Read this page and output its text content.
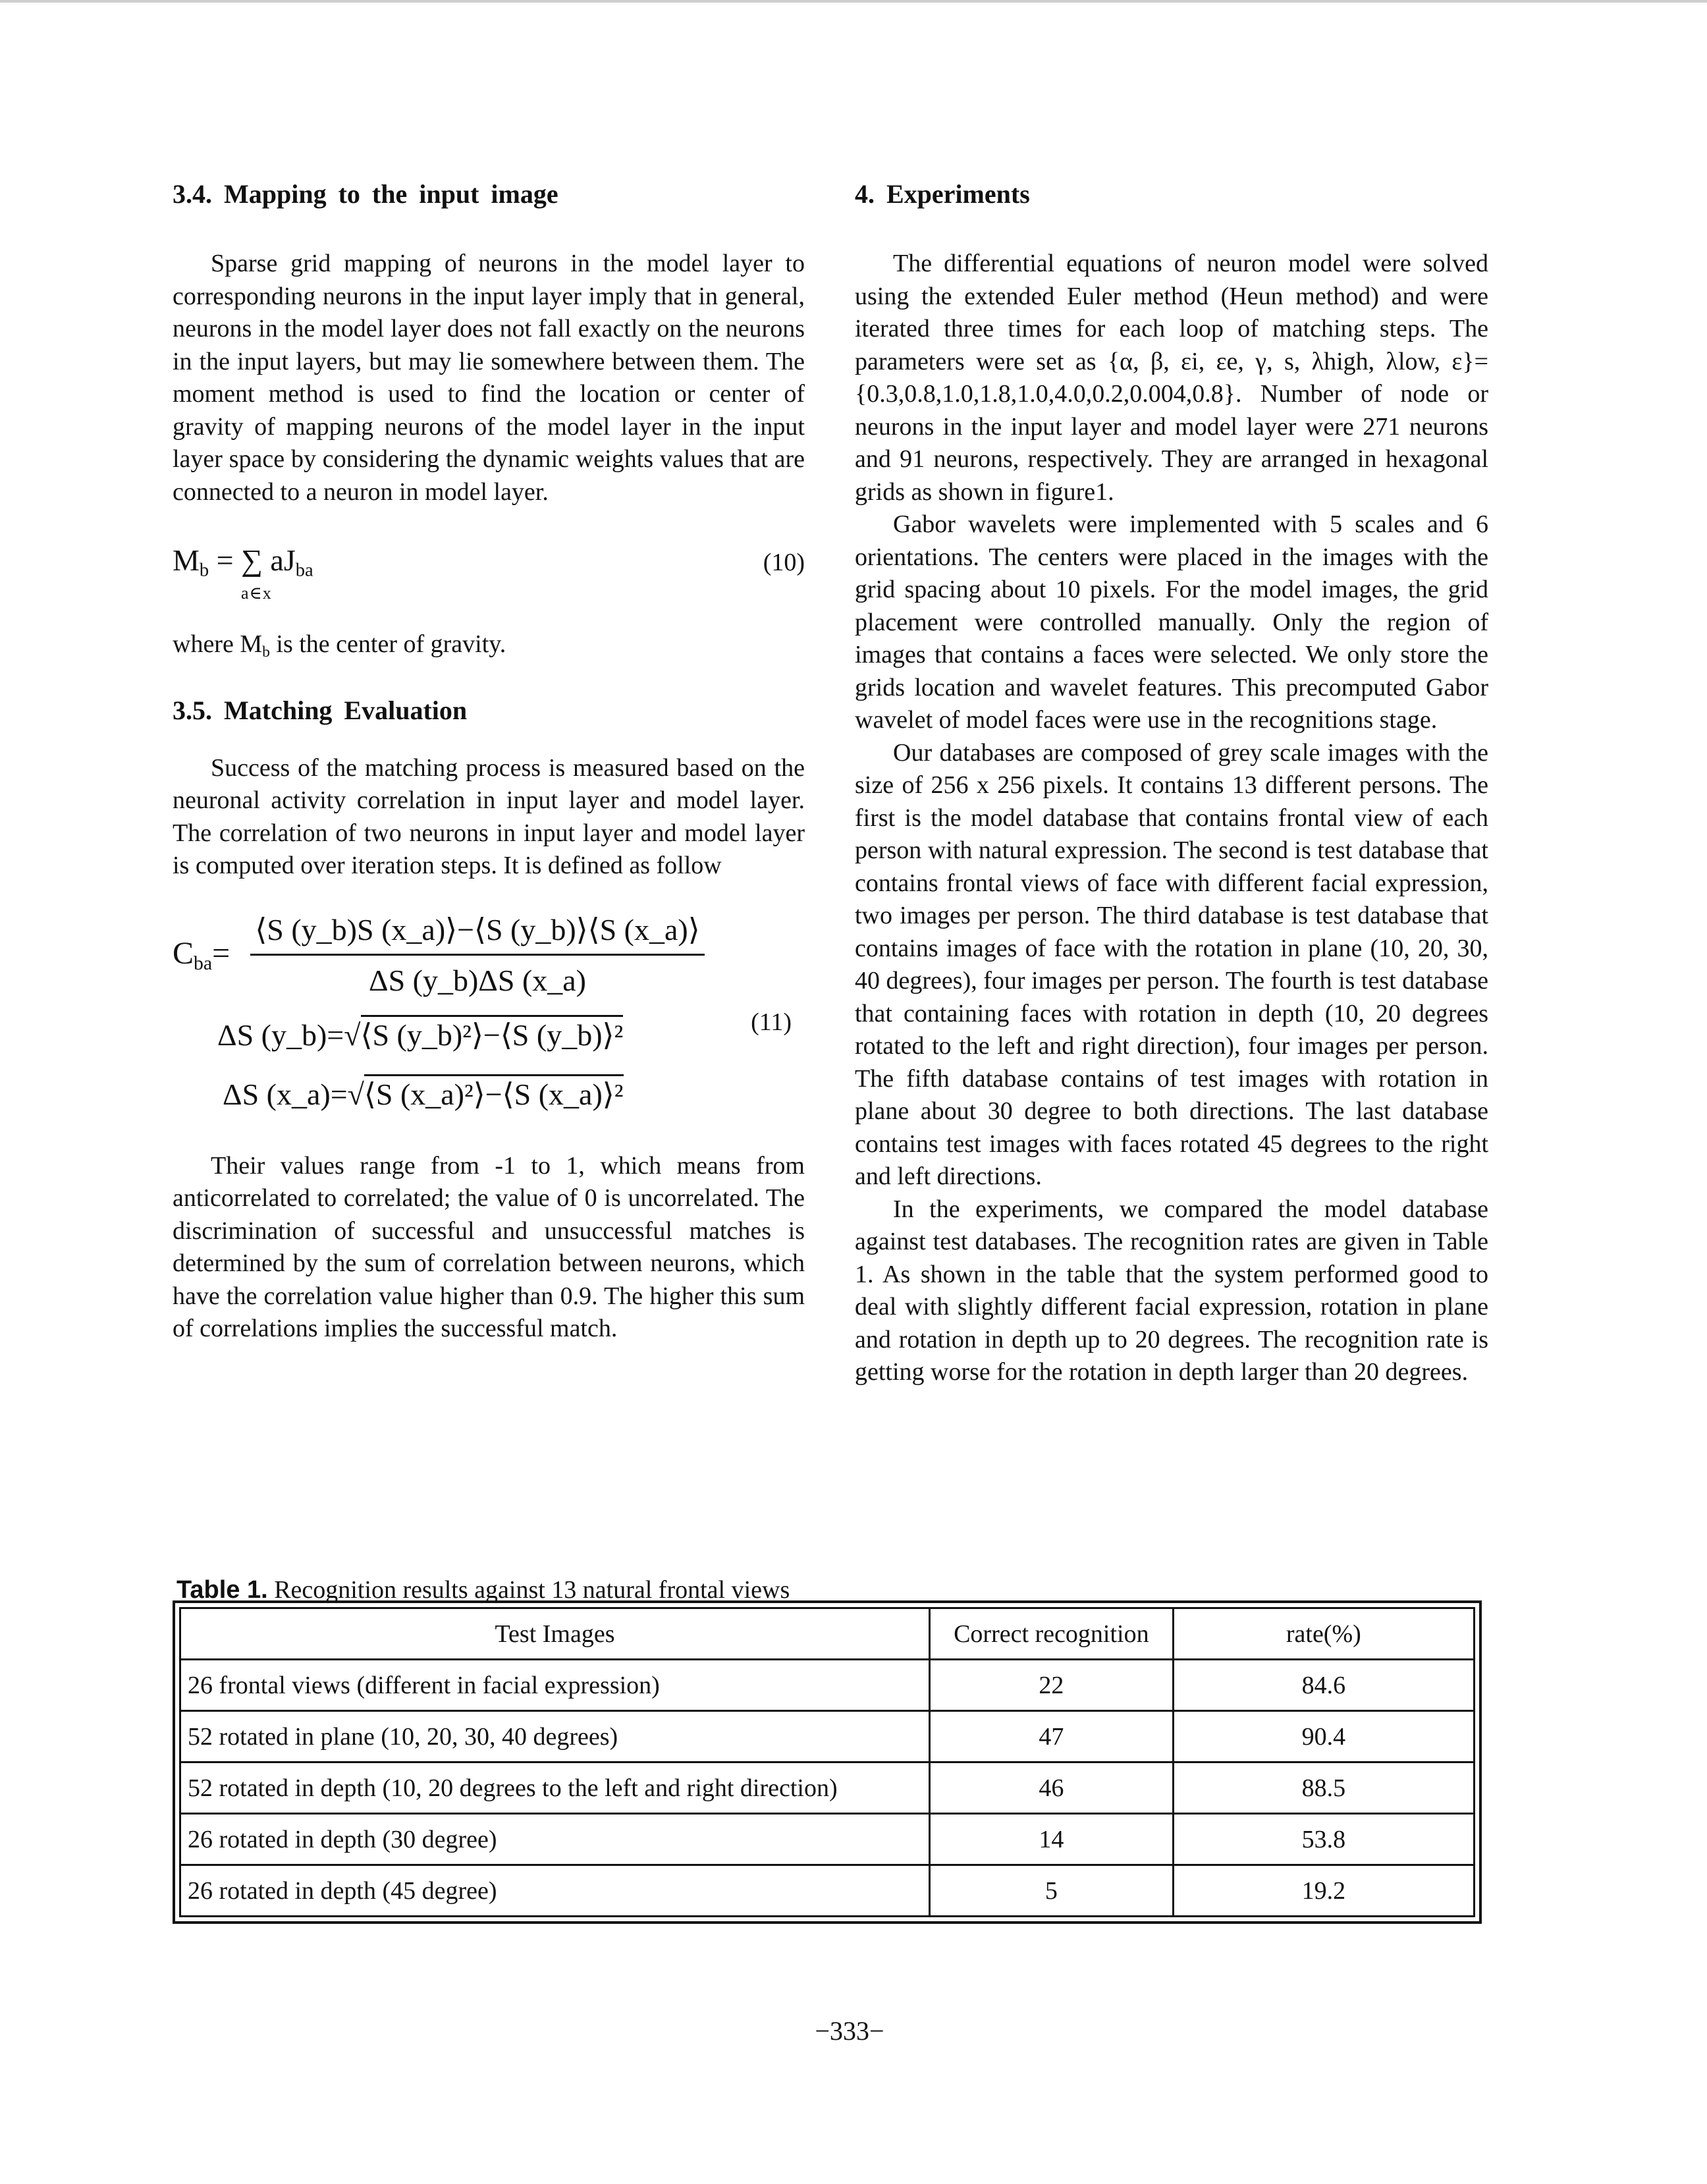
3.4. Mapping to the input image

Sparse grid mapping of neurons in the model layer to corresponding neurons in the input layer imply that in general, neurons in the model layer does not fall exactly on the neurons in the input layers, but may lie somewhere between them. The moment method is used to find the location or center of gravity of mapping neurons of the model layer in the input layer space by considering the dynamic weights values that are connected to a neuron in model layer.

$M_b$ = ∑ $aJ_{ba}$
a∈x
(10)

where $M_b$ is the center of gravity.

3.5. Matching Evaluation

Success of the matching process is measured based on the neuronal activity correlation in input layer and model layer. The correlation of two neurons in input layer and model layer is computed over iteration steps. It is defined as follow

$C_{ba}= \frac{⟨S (y\_b)S (x\_a)⟩-⟨S (y\_b)⟩⟨S (x\_a)⟩}{\Delta S (y\_b)\Delta S (x\_a)}$
ΔS (y_b)=√⟨S (y_b)²⟩−⟨S (y_b)⟩²
ΔS (x_a)=√⟨S (x_a)²⟩−⟨S (x_a)⟩²
(11)

Their values range from -1 to 1, which means from anticorrelated to correlated; the value of 0 is uncorrelated. The discrimination of successful and unsuccessful matches is determined by the sum of correlation between neurons, which have the correlation value higher than 0.9. The higher this sum of correlations implies the successful match.

4. Experiments

The differential equations of neuron model were solved using the extended Euler method (Heun method) and were iterated three times for each loop of matching steps. The parameters were set as {α, β, εi, εe, γ, s, λhigh, λlow, ε}={0.3,0.8,1.0,1.8,1.0,4.0,0.2,0.004,0.8}. Number of node or neurons in the input layer and model layer were 271 neurons and 91 neurons, respectively. They are arranged in hexagonal grids as shown in figure1.

Gabor wavelets were implemented with 5 scales and 6 orientations. The centers were placed in the images with the grid spacing about 10 pixels. For the model images, the grid placement were controlled manually. Only the region of images that contains a faces were selected. We only store the grids location and wavelet features. This precomputed Gabor wavelet of model faces were use in the recognitions stage.

Our databases are composed of grey scale images with the size of 256 x 256 pixels. It contains 13 different persons. The first is the model database that contains frontal view of each person with natural expression. The second is test database that contains frontal views of face with different facial expression, two images per person. The third database is test database that contains images of face with the rotation in plane (10, 20, 30, 40 degrees), four images per person. The fourth is test database that containing faces with rotation in depth (10, 20 degrees rotated to the left and right direction), four images per person. The fifth database contains of test images with rotation in plane about 30 degree to both directions. The last database contains test images with faces rotated 45 degrees to the right and left directions.

In the experiments, we compared the model database against test databases. The recognition rates are given in Table 1. As shown in the table that the system performed good to deal with slightly different facial expression, rotation in plane and rotation in depth up to 20 degrees. The recognition rate is getting worse for the rotation in depth larger than 20 degrees.

Table 1. Recognition results against 13 natural frontal views
Test Images	Correct recognition	rate(%)
26 frontal views (different in facial expression)	22	84.6
52 rotated in plane (10, 20, 30, 40 degrees)	47	90.4
52 rotated in depth (10, 20 degrees to the left and right direction)	46	88.5
26 rotated in depth (30 degree)	14	53.8
26 rotated in depth (45 degree)	5	19.2
−333−
